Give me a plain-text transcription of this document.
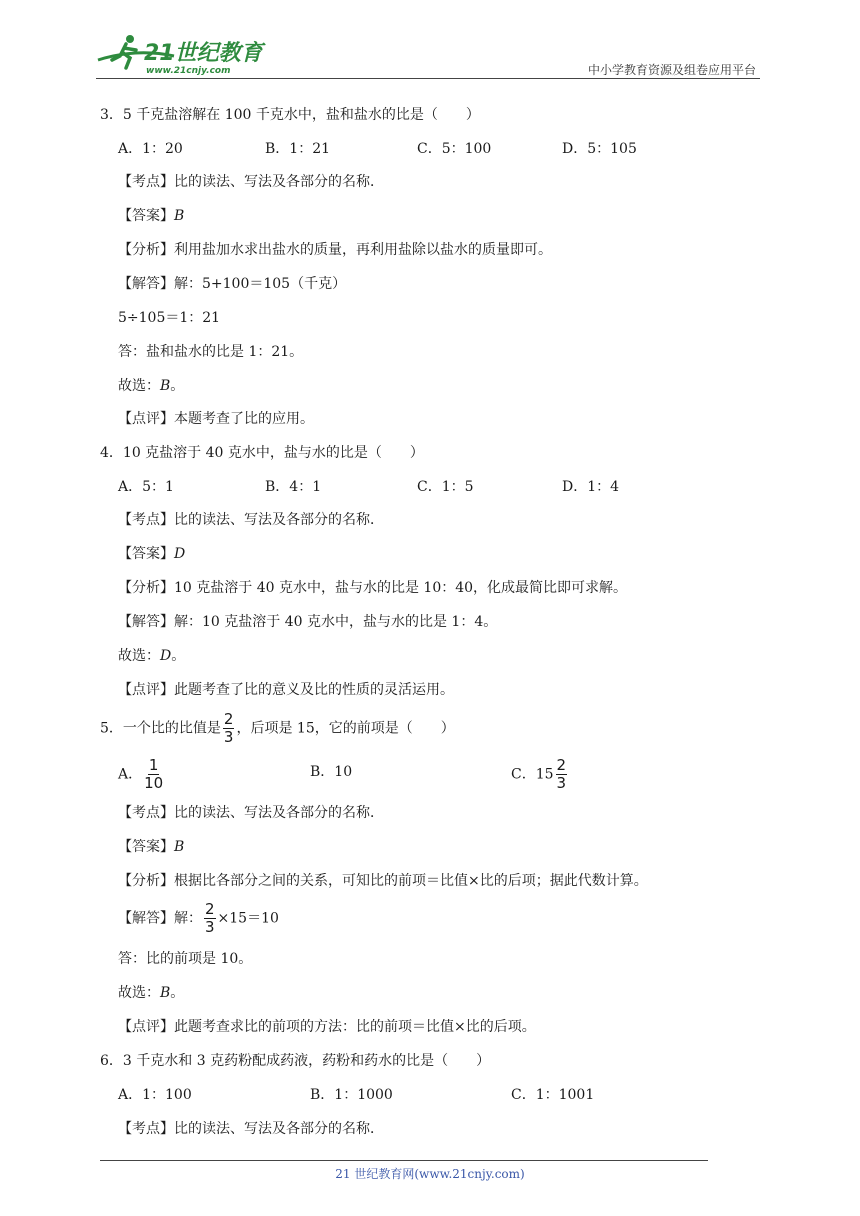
21世纪教育
www.21cnjy.com	中小学教育资源及组卷应用平台
3．5 千克盐溶解在 100 千克水中，盐和盐水的比是（　　）
A．1：20	B．1：21	C．5：100	D．5：105
【考点】比的读法、写法及各部分的名称．
【答案】B
【分析】利用盐加水求出盐水的质量，再利用盐除以盐水的质量即可。
【解答】解：5+100＝105（千克）
5÷105＝1：21
答：盐和盐水的比是 1：21。
故选：B。
【点评】本题考查了比的应用。
4．10 克盐溶于 40 克水中，盐与水的比是（　　）
A．5：1	B．4：1	C．1：5	D．1：4
【考点】比的读法、写法及各部分的名称．
【答案】D
【分析】10 克盐溶于 40 克水中，盐与水的比是 10：40，化成最简比即可求解。
【解答】解：10 克盐溶于 40 克水中，盐与水的比是 1：4。
故选：D。
【点评】此题考查了比的意义及比的性质的灵活运用。
5．一个比的比值是 $\frac{2}{3}$ ，后项是 15，它的前项是（　　）
A． $\frac{1}{10}$	B．10	C．$15 \frac{2}{3}$
【考点】比的读法、写法及各部分的名称．
【答案】B
【分析】根据比各部分之间的关系，可知比的前项＝比值×比的后项；据此代数计算。
【解答】解： $\frac{2}{3} \times 15=10$
答：比的前项是 10。
故选：B。
【点评】此题考查求比的前项的方法：比的前项＝比值×比的后项。
6．3 千克水和 3 克药粉配成药液，药粉和药水的比是（　　）
A．1：100	B．1：1000	C．1：1001
【考点】比的读法、写法及各部分的名称．
21 世纪教育网(www.21cnjy.com)
